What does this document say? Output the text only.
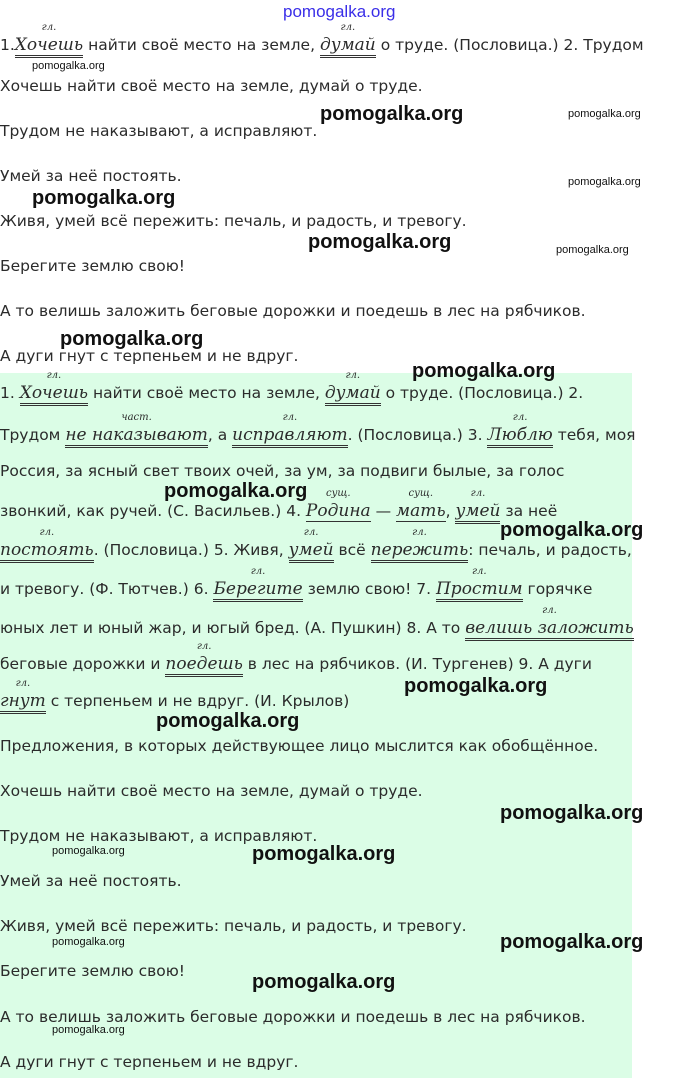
pomogalka.org
1.
гл.
Хочешь найти своё место на земле,
гл.
думай о труде. (Пословица.) 2. Трудом
pomogalka.org
Хочешь найти своё место на земле, думай о труде.
pomogalka.org	pomogalka.org
Трудом не наказывают, а исправляют.
Умей за неё постоять.	pomogalka.org
pomogalka.org
Живя, умей всё пережить: печаль, и радость, и тревогу.
pomogalka.org	pomogalka.org
Берегите землю свою!
А то велишь заложить беговые дорожки и поедешь в лес на рябчиков.
pomogalka.org
А дуги гнут с терпеньем и не вдруг.
pomogalka.org
1.
гл.
Хочешь найти своё место на земле,
гл.
думай о труде. (Пословица.) 2.
Трудом
част.
не наказывают, а
гл.
исправляют. (Пословица.) 3.
гл.
Люблю тебя, моя
Россия, за ясный свет твоих очей, за ум, за подвиги былые, за голос
pomogalka.org
звонкий, как ручей. (С. Васильев.) 4.
сущ.
Родина —
сущ.
мать,
гл.
умей за неё
pomogalka.org
гл.
постоять. (Пословица.) 5. Живя,
гл.
умей всё
гл.
пережить: печаль, и радость,
и тревогу. (Ф. Тютчев.) 6.
гл.
Берегите землю свою! 7.
гл.
Простим горячке
юных лет и юный жар, и югый бред. (А. Пушкин) 8. А то
гл.
велишь заложить
беговые дорожки и
гл.
поедешь в лес на рябчиков. (И. Тургенев) 9. А дуги
pomogalka.org
гл.
гнут с терпеньем и не вдруг. (И. Крылов)
pomogalka.org
Предложения, в которых действующее лицо мыслится как обобщённое.
Хочешь найти своё место на земле, думай о труде.
pomogalka.org
Трудом не наказывают, а исправляют.
pomogalka.org	pomogalka.org
Умей за неё постоять.
Живя, умей всё пережить: печаль, и радость, и тревогу.
pomogalka.org	pomogalka.org
Берегите землю свою!	pomogalka.org
А то велишь заложить беговые дорожки и поедешь в лес на рябчиков.
pomogalka.org
А дуги гнут с терпеньем и не вдруг.
